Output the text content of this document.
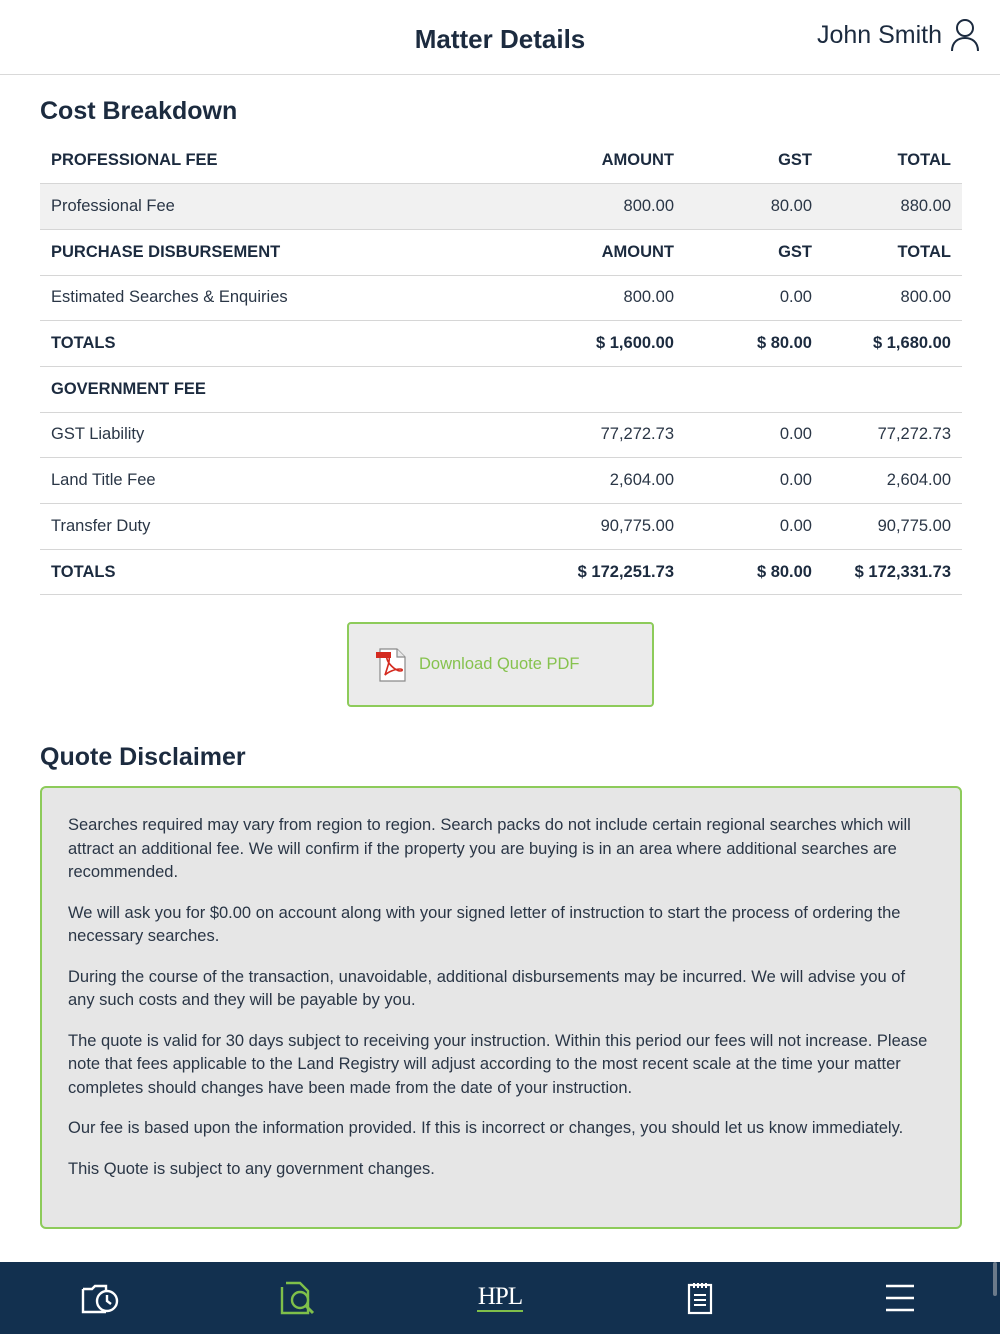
Matter Details	John Smith
Cost Breakdown
PROFESSIONAL FEE	AMOUNT	GST	TOTAL
Professional Fee	800.00	80.00	880.00
PURCHASE DISBURSEMENT	AMOUNT	GST	TOTAL
Estimated Searches & Enquiries	800.00	0.00	800.00
TOTALS	$ 1,600.00	$ 80.00	$ 1,680.00
GOVERNMENT FEE			
GST Liability	77,272.73	0.00	77,272.73
Land Title Fee	2,604.00	0.00	2,604.00
Transfer Duty	90,775.00	0.00	90,775.00
TOTALS	$ 172,251.73	$ 80.00	$ 172,331.73
Download Quote PDF
Quote Disclaimer

Searches required may vary from region to region. Search packs do not include certain regional searches which will attract an additional fee. We will confirm if the property you are buying is in an area where additional searches are recommended.

We will ask you for $0.00 on account along with your signed letter of instruction to start the process of ordering the necessary searches.

During the course of the transaction, unavoidable, additional disbursements may be incurred. We will advise you of any such costs and they will be payable by you.

The quote is valid for 30 days subject to receiving your instruction. Within this period our fees will not increase. Please note that fees applicable to the Land Registry will adjust according to the most recent scale at the time your matter completes should changes have been made from the date of your instruction.

Our fee is based upon the information provided. If this is incorrect or changes, you should let us know immediately.

This Quote is subject to any government changes.

HPL
